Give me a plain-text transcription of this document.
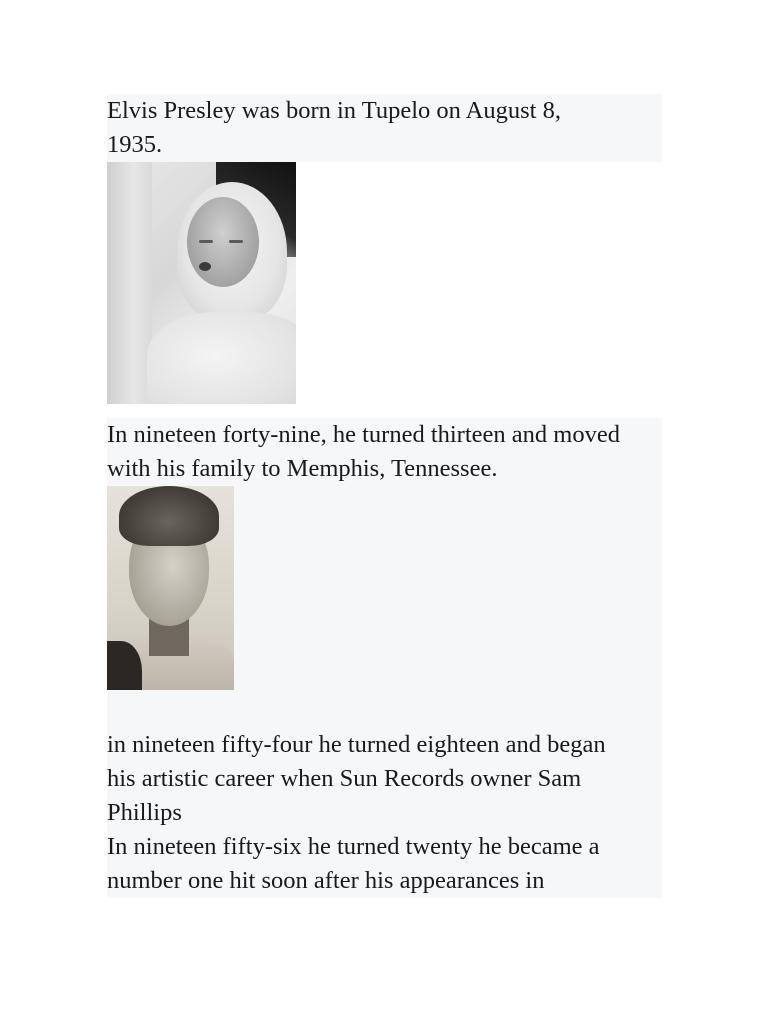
Elvis Presley was born in Tupelo on August 8,
1935.
In nineteen forty-nine, he turned thirteen and moved
with his family to Memphis, Tennessee.
in nineteen fifty-four he turned eighteen and began
his artistic career when Sun Records owner Sam
Phillips
In nineteen fifty-six he turned twenty he became a
number one hit soon after his appearances in
